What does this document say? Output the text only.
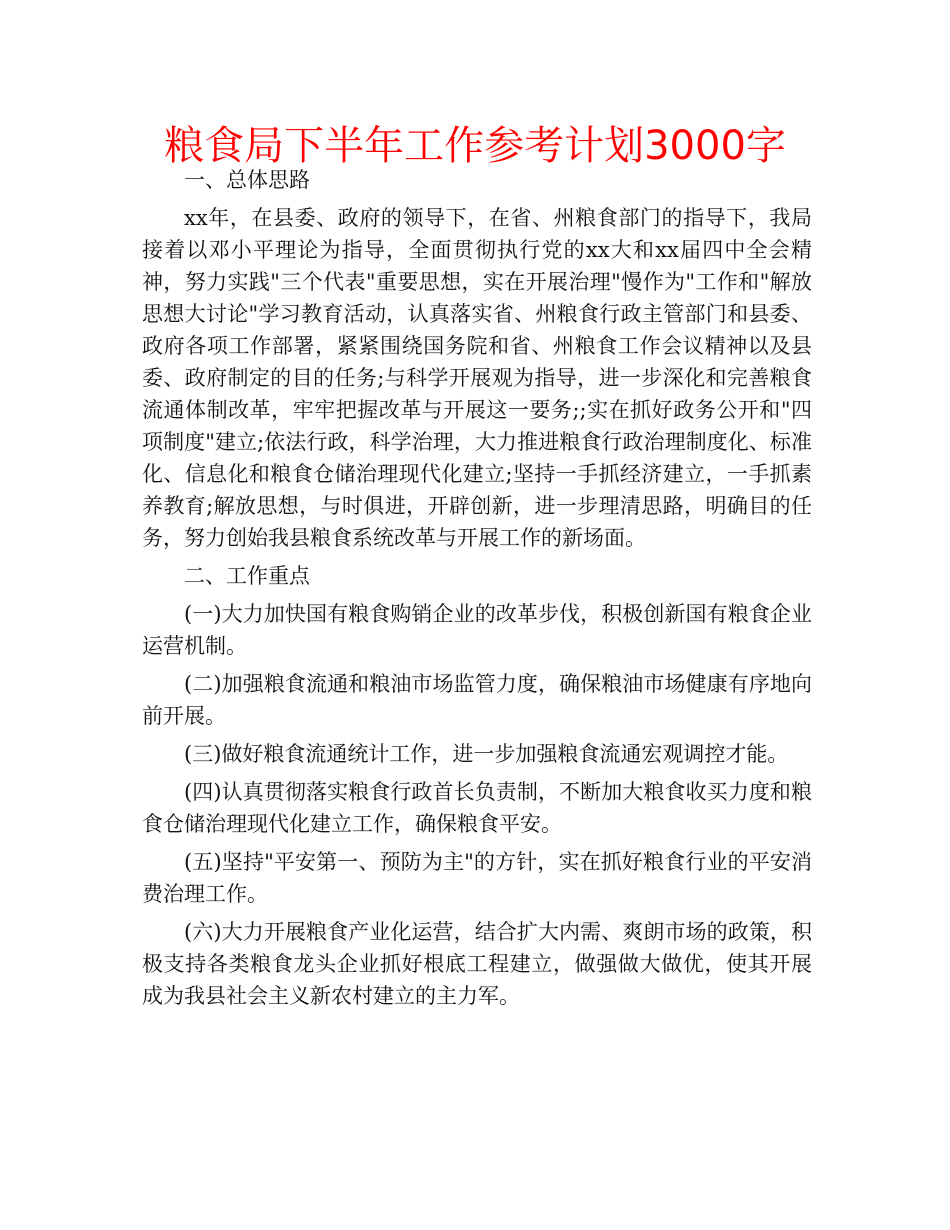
粮食局下半年工作参考计划3000字

一、总体思路

xx年，在县委、政府的领导下，在省、州粮食部门的指导下，我局接着以邓小平理论为指导，全面贯彻执行党的xx大和xx届四中全会精神，努力实践"三个代表"重要思想，实在开展治理"慢作为"工作和"解放思想大讨论"学习教育活动，认真落实省、州粮食行政主管部门和县委、政府各项工作部署，紧紧围绕国务院和省、州粮食工作会议精神以及县委、政府制定的目的任务;与科学开展观为指导，进一步深化和完善粮食流通体制改革，牢牢把握改革与开展这一要务;;实在抓好政务公开和"四项制度"建立;依法行政，科学治理，大力推进粮食行政治理制度化、标准化、信息化和粮食仓储治理现代化建立;坚持一手抓经济建立，一手抓素养教育;解放思想，与时俱进，开辟创新，进一步理清思路，明确目的任务，努力创始我县粮食系统改革与开展工作的新场面。

二、工作重点

(一)大力加快国有粮食购销企业的改革步伐，积极创新国有粮食企业运营机制。

(二)加强粮食流通和粮油市场监管力度，确保粮油市场健康有序地向前开展。

(三)做好粮食流通统计工作，进一步加强粮食流通宏观调控才能。

(四)认真贯彻落实粮食行政首长负责制，不断加大粮食收买力度和粮食仓储治理现代化建立工作，确保粮食平安。

(五)坚持"平安第一、预防为主"的方针，实在抓好粮食行业的平安消费治理工作。

(六)大力开展粮食产业化运营，结合扩大内需、爽朗市场的政策，积极支持各类粮食龙头企业抓好根底工程建立，做强做大做优，使其开展成为我县社会主义新农村建立的主力军。
